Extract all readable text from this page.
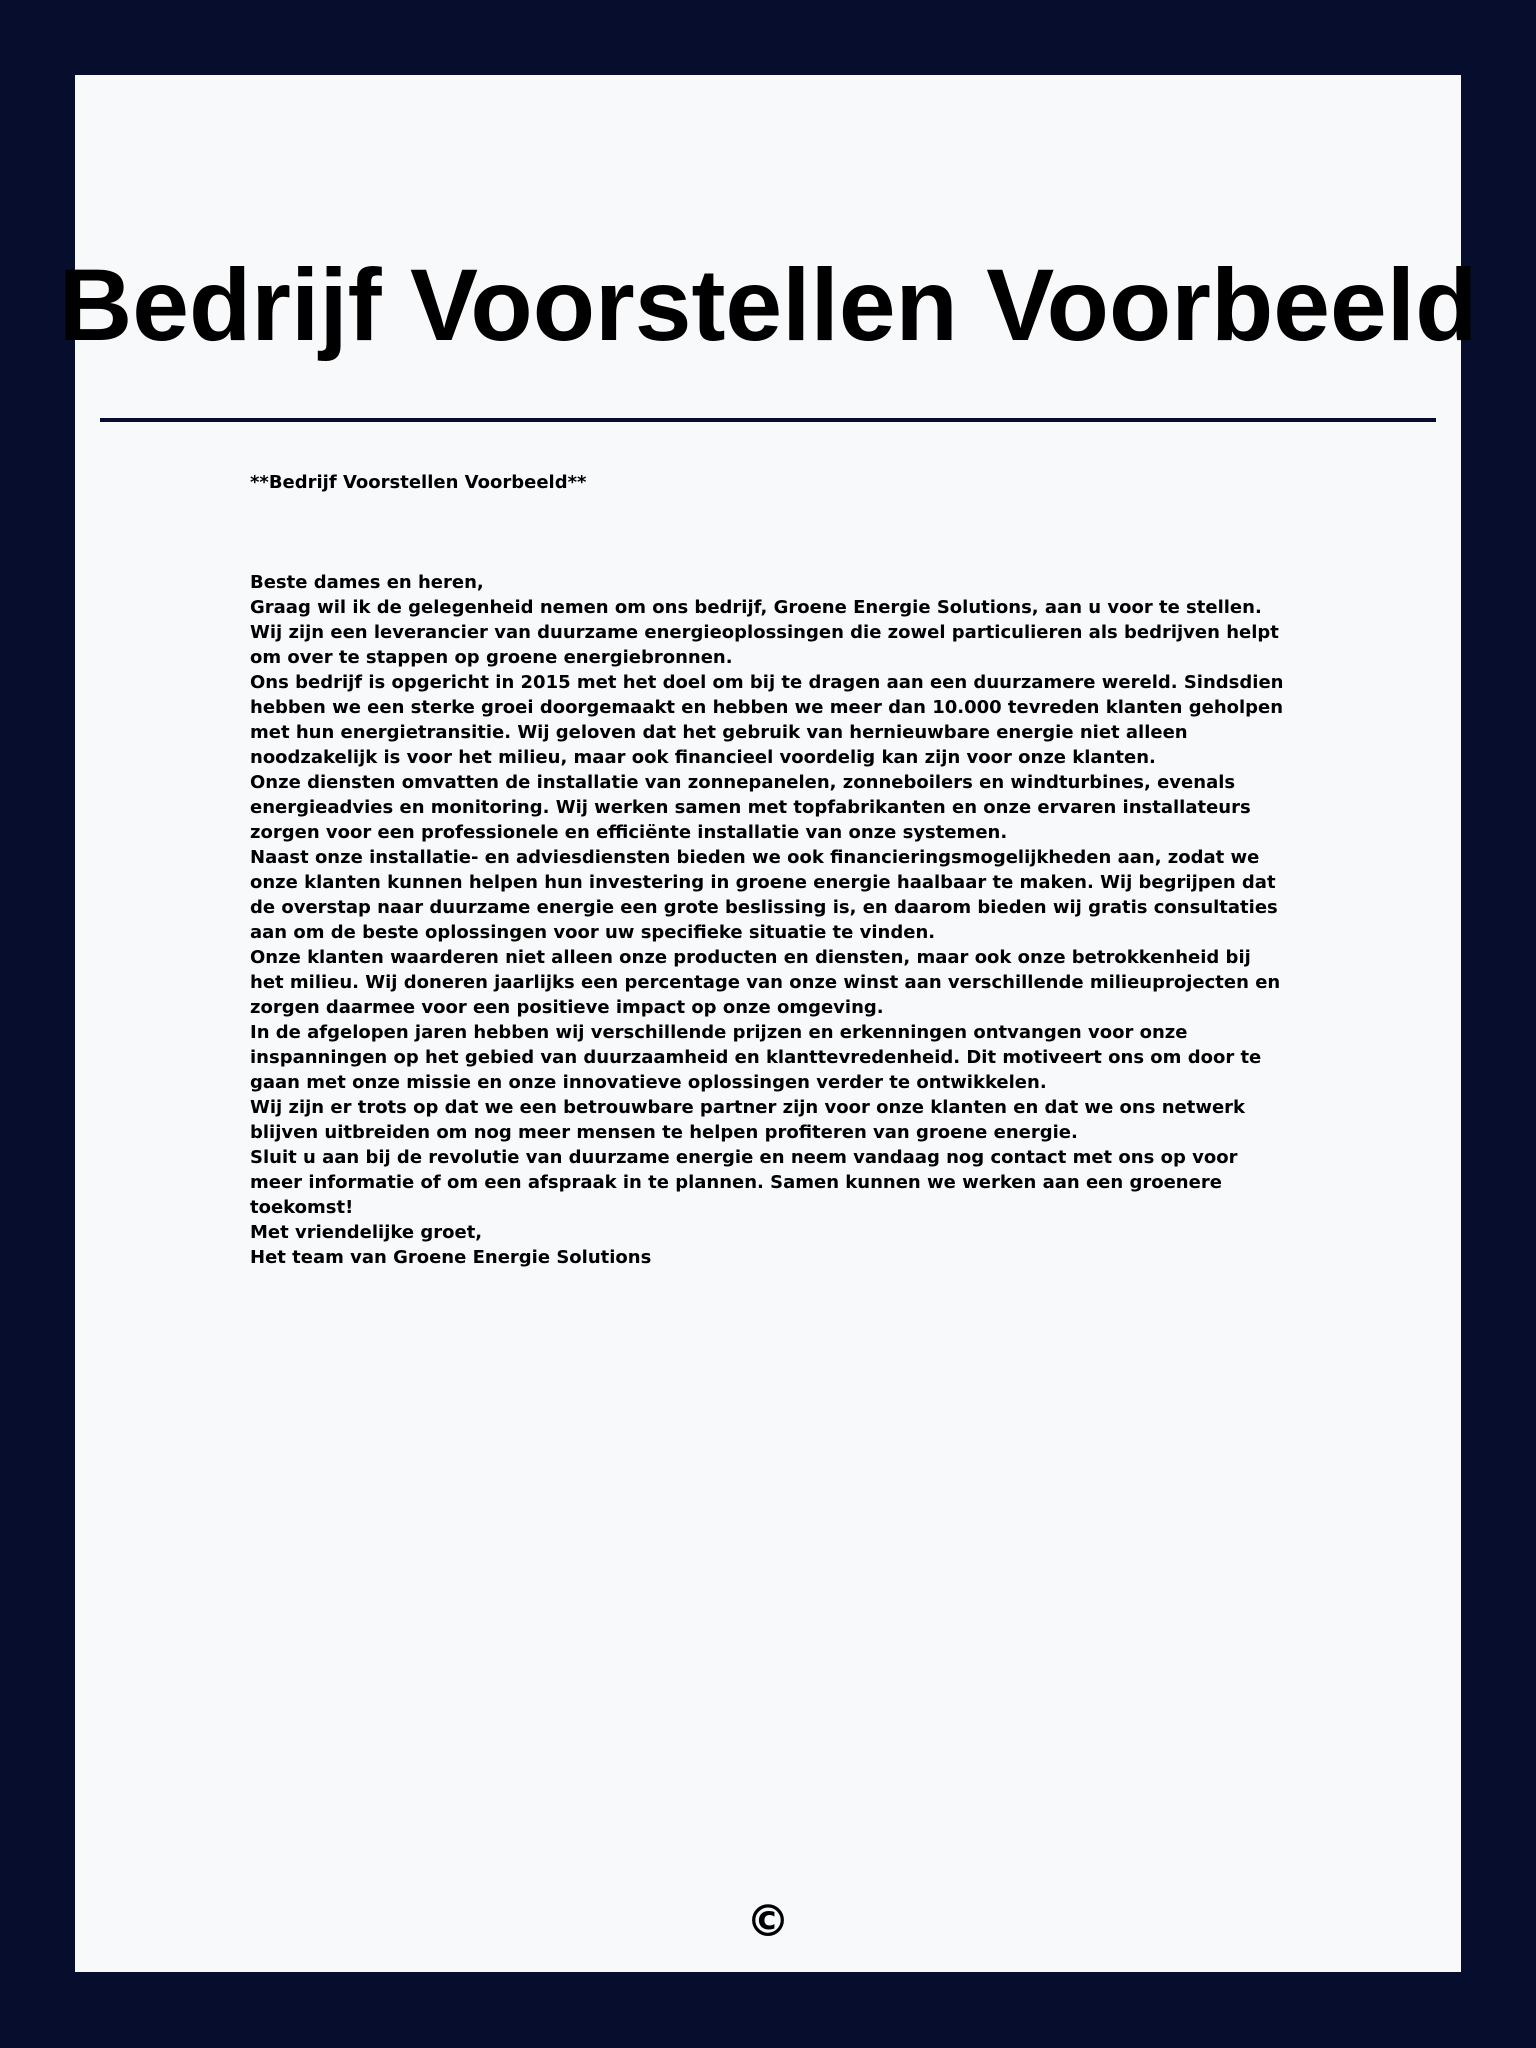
Bedrijf Voorstellen Voorbeeld

**Bedrijf Voorstellen Voorbeeld**

Beste dames en heren,

Graag wil ik de gelegenheid nemen om ons bedrijf, Groene Energie Solutions, aan u voor te stellen. Wij zijn een leverancier van duurzame energieoplossingen die zowel particulieren als bedrijven helpt om over te stappen op groene energiebronnen.

Ons bedrijf is opgericht in 2015 met het doel om bij te dragen aan een duurzamere wereld. Sindsdien hebben we een sterke groei doorgemaakt en hebben we meer dan 10.000 tevreden klanten geholpen met hun energietransitie. Wij geloven dat het gebruik van hernieuwbare energie niet alleen noodzakelijk is voor het milieu, maar ook financieel voordelig kan zijn voor onze klanten.

Onze diensten omvatten de installatie van zonnepanelen, zonneboilers en windturbines, evenals energieadvies en monitoring. Wij werken samen met topfabrikanten en onze ervaren installateurs zorgen voor een professionele en efficiënte installatie van onze systemen.

Naast onze installatie- en adviesdiensten bieden we ook financieringsmogelijkheden aan, zodat we onze klanten kunnen helpen hun investering in groene energie haalbaar te maken. Wij begrijpen dat de overstap naar duurzame energie een grote beslissing is, en daarom bieden wij gratis consultaties aan om de beste oplossingen voor uw specifieke situatie te vinden.

Onze klanten waarderen niet alleen onze producten en diensten, maar ook onze betrokkenheid bij het milieu. Wij doneren jaarlijks een percentage van onze winst aan verschillende milieuprojecten en zorgen daarmee voor een positieve impact op onze omgeving.

In de afgelopen jaren hebben wij verschillende prijzen en erkenningen ontvangen voor onze inspanningen op het gebied van duurzaamheid en klanttevredenheid. Dit motiveert ons om door te gaan met onze missie en onze innovatieve oplossingen verder te ontwikkelen.

Wij zijn er trots op dat we een betrouwbare partner zijn voor onze klanten en dat we ons netwerk blijven uitbreiden om nog meer mensen te helpen profiteren van groene energie.

Sluit u aan bij de revolutie van duurzame energie en neem vandaag nog contact met ons op voor meer informatie of om een afspraak in te plannen. Samen kunnen we werken aan een groenere toekomst!

Met vriendelijke groet,

Het team van Groene Energie Solutions

©
